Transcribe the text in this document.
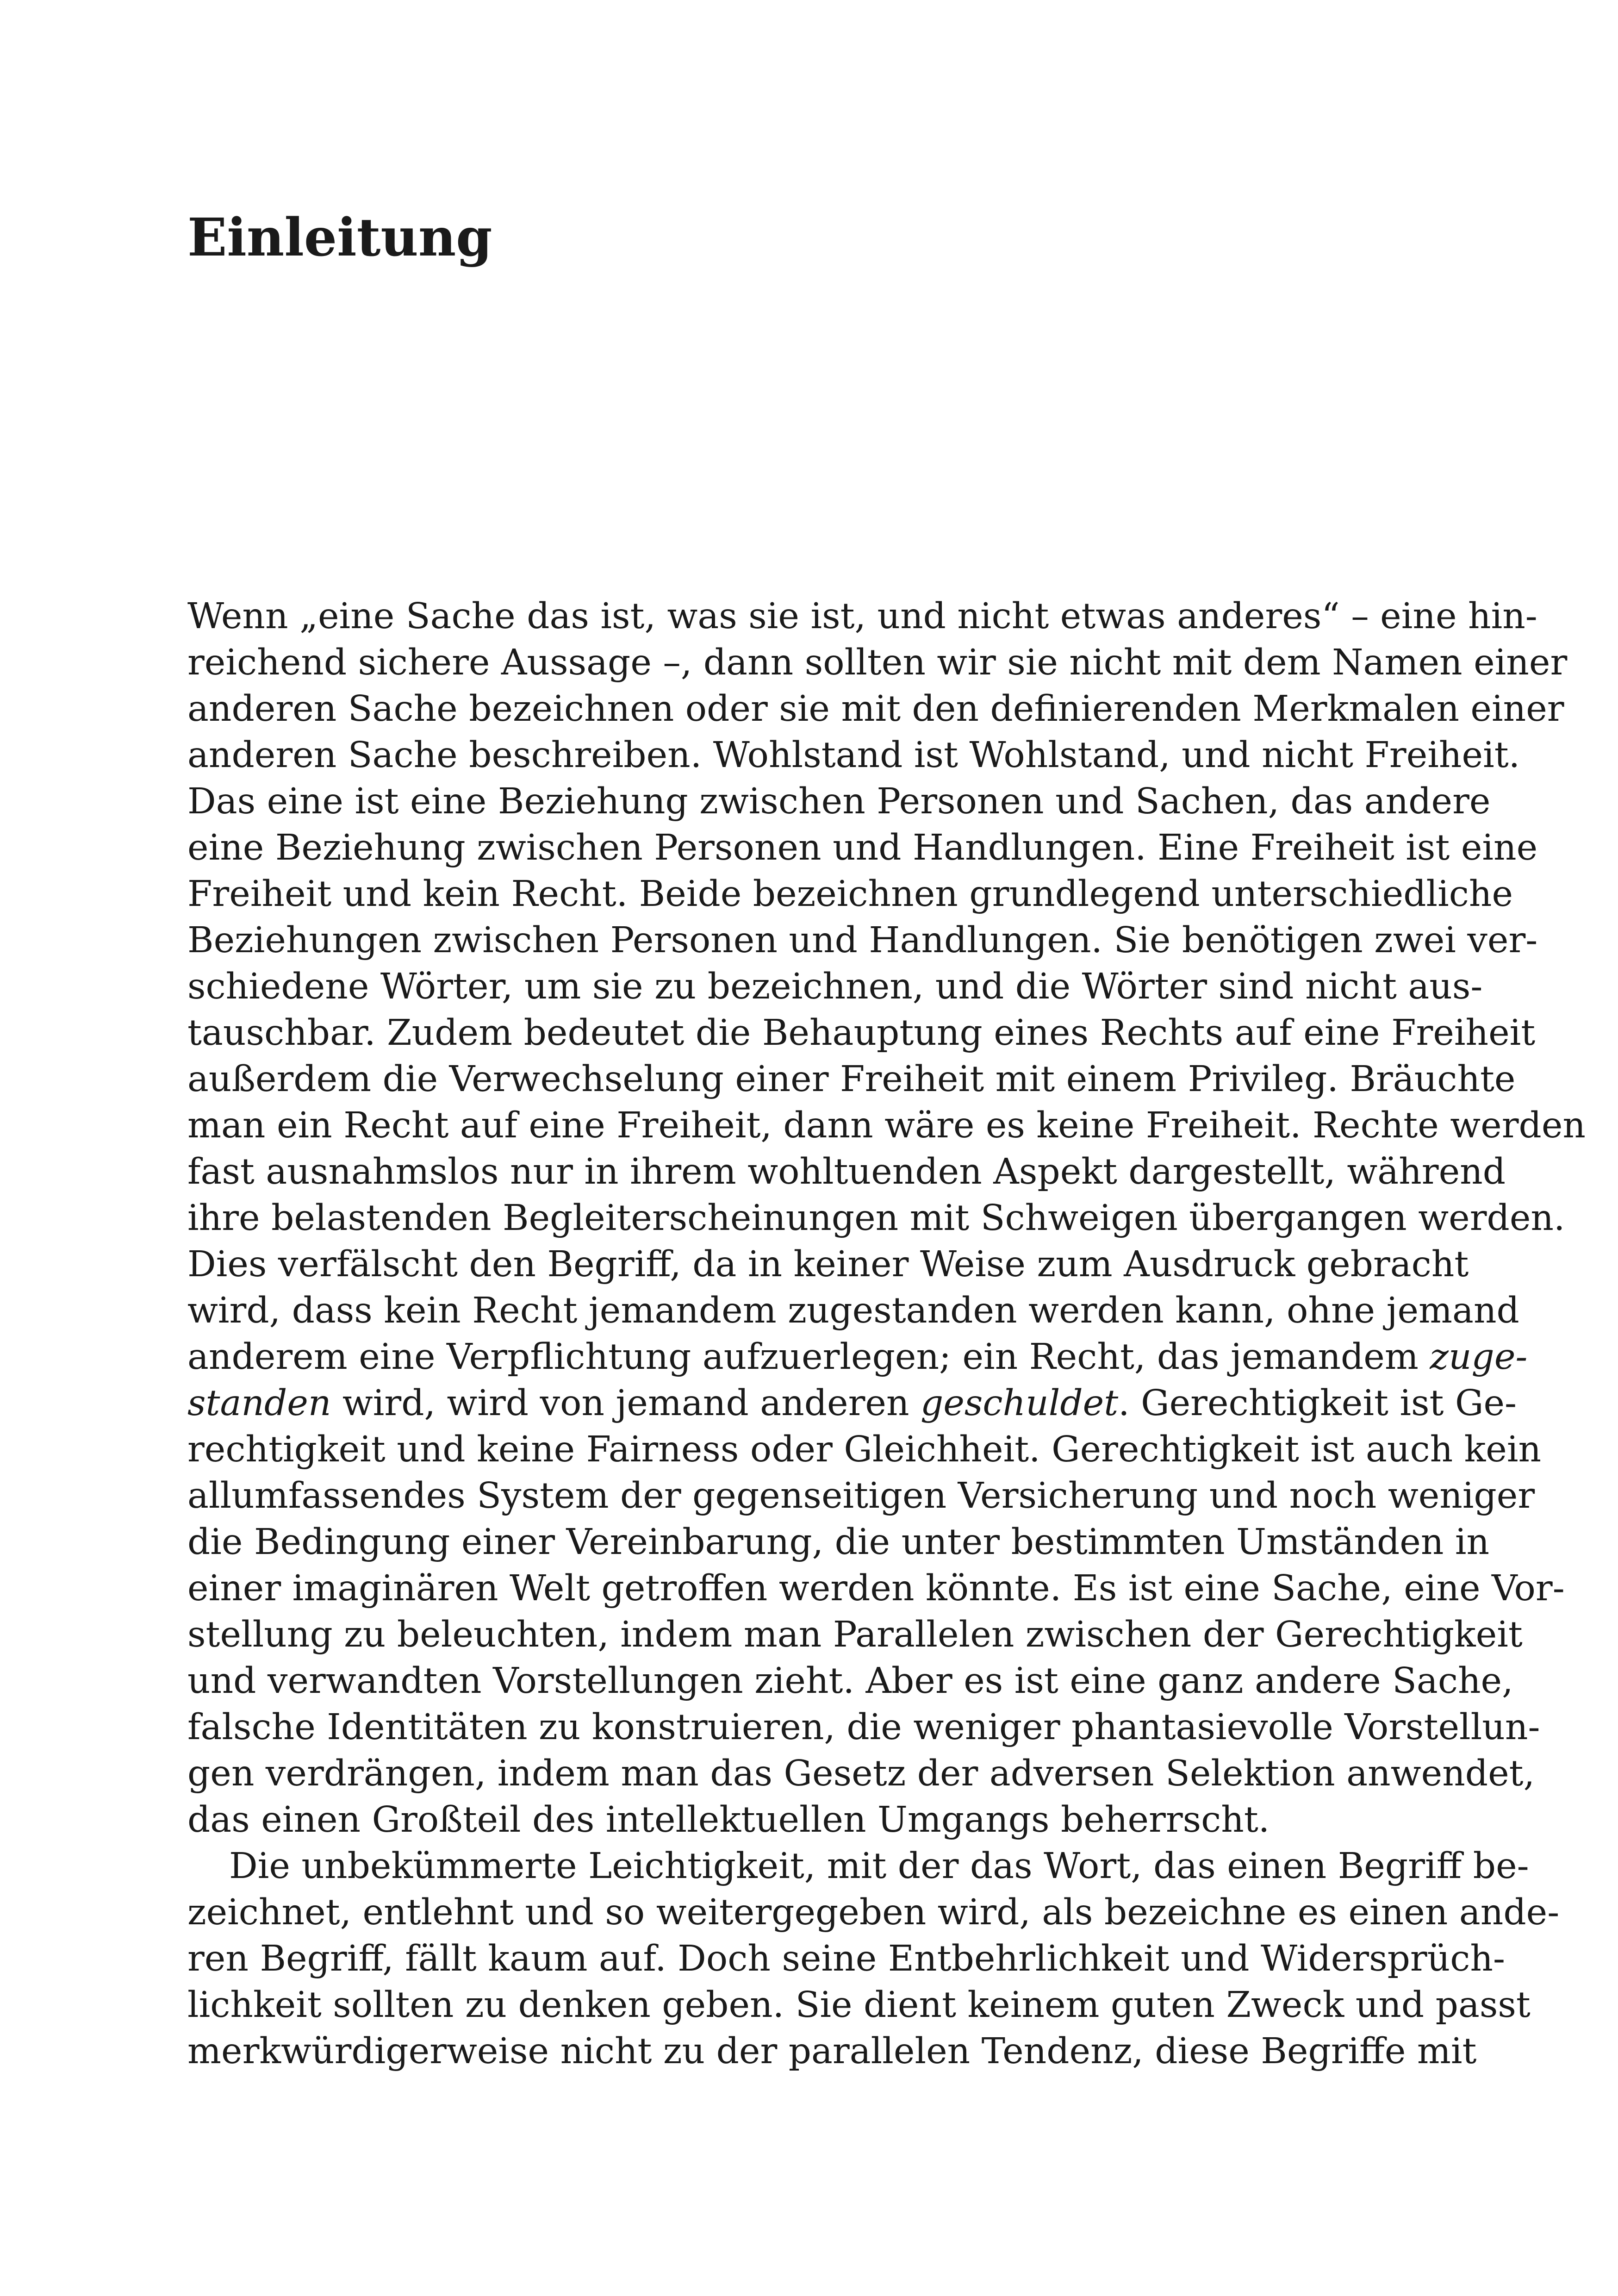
Einleitung
Wenn „eine Sache das ist, was sie ist, und nicht etwas anderes“ – eine hin-
reichend sichere Aussage –, dann sollten wir sie nicht mit dem Namen einer
anderen Sache bezeichnen oder sie mit den definierenden Merkmalen einer
anderen Sache beschreiben. Wohlstand ist Wohlstand, und nicht Freiheit.
Das eine ist eine Beziehung zwischen Personen und Sachen, das andere
eine Beziehung zwischen Personen und Handlungen. Eine Freiheit ist eine
Freiheit und kein Recht. Beide bezeichnen grundlegend unterschiedliche
Beziehungen zwischen Personen und Handlungen. Sie benötigen zwei ver-
schiedene Wörter, um sie zu bezeichnen, und die Wörter sind nicht aus-
tauschbar. Zudem bedeutet die Behauptung eines Rechts auf eine Freiheit
außerdem die Verwechselung einer Freiheit mit einem Privileg. Bräuchte
man ein Recht auf eine Freiheit, dann wäre es keine Freiheit. Rechte werden
fast ausnahmslos nur in ihrem wohltuenden Aspekt dargestellt, während
ihre belastenden Begleiterscheinungen mit Schweigen übergangen werden.
Dies verfälscht den Begriff, da in keiner Weise zum Ausdruck gebracht
wird, dass kein Recht jemandem zugestanden werden kann, ohne jemand
anderem eine Verpflichtung aufzuerlegen; ein Recht, das jemandem zuge-
standen wird, wird von jemand anderen geschuldet. Gerechtigkeit ist Ge-
rechtigkeit und keine Fairness oder Gleichheit. Gerechtigkeit ist auch kein
allumfassendes System der gegenseitigen Versicherung und noch weniger
die Bedingung einer Vereinbarung, die unter bestimmten Umständen in
einer imaginären Welt getroffen werden könnte. Es ist eine Sache, eine Vor-
stellung zu beleuchten, indem man Parallelen zwischen der Gerechtigkeit
und verwandten Vorstellungen zieht. Aber es ist eine ganz andere Sache,
falsche Identitäten zu konstruieren, die weniger phantasievolle Vorstellun-
gen verdrängen, indem man das Gesetz der adversen Selektion anwendet,
das einen Großteil des intellektuellen Umgangs beherrscht.
Die unbekümmerte Leichtigkeit, mit der das Wort, das einen Begriff be-
zeichnet, entlehnt und so weitergegeben wird, als bezeichne es einen ande-
ren Begriff, fällt kaum auf. Doch seine Entbehrlichkeit und Widersprüch-
lichkeit sollten zu denken geben. Sie dient keinem guten Zweck und passt
merkwürdigerweise nicht zu der parallelen Tendenz, diese Begriffe mit
